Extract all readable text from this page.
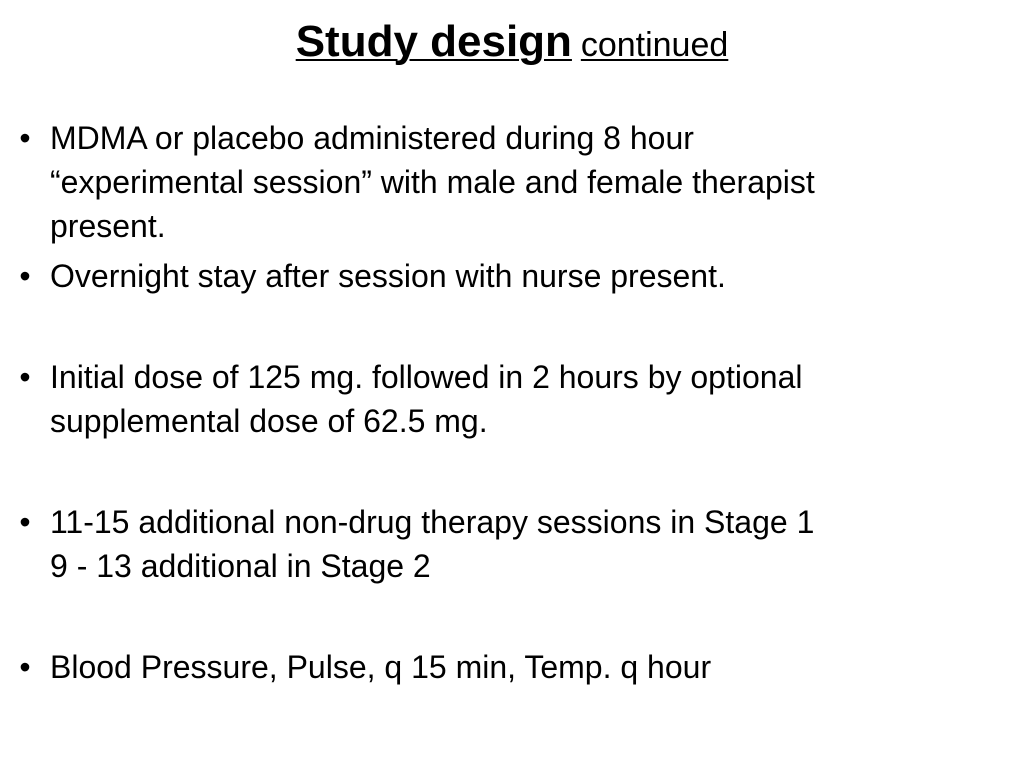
Study design continued
• MDMA or placebo administered during 8 hour
“experimental session” with male and female therapist
present.
• Overnight stay after session with nurse present.
• Initial dose of 125 mg. followed in 2 hours by optional
supplemental dose of 62.5 mg.
• 11-15 additional non-drug therapy sessions in Stage 1
9 - 13 additional in Stage 2
• Blood Pressure, Pulse, q 15 min, Temp. q hour
